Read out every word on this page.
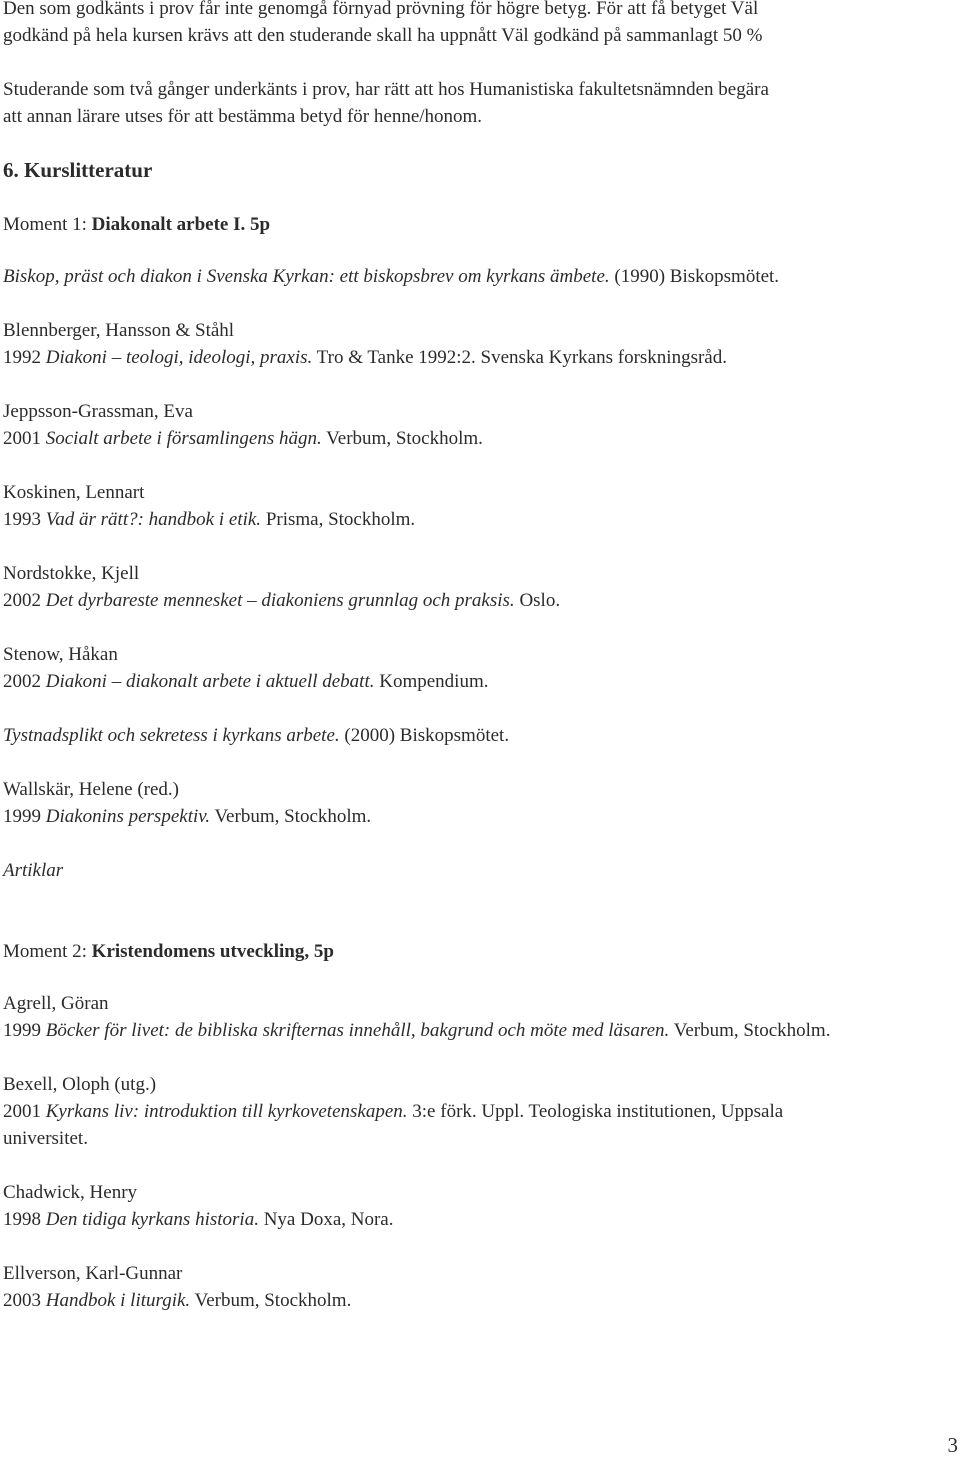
Den som godkänts i prov får inte genomgå förnyad prövning för högre betyg. För att få betyget Väl

godkänd på hela kursen krävs att den studerande skall ha uppnått Väl godkänd på sammanlagt 50 %

Studerande som två gånger underkänts i prov, har rätt att hos Humanistiska fakultetsnämnden begära

att annan lärare utses för att bestämma betyd för henne/honom.

6. Kurslitteratur

Moment 1: Diakonalt arbete I. 5p

Biskop, präst och diakon i Svenska Kyrkan: ett biskopsbrev om kyrkans ämbete. (1990) Biskopsmötet.

Blennberger, Hansson & Ståhl

1992 Diakoni – teologi, ideologi, praxis. Tro & Tanke 1992:2. Svenska Kyrkans forskningsråd.

Jeppsson-Grassman, Eva

2001 Socialt arbete i församlingens hägn. Verbum, Stockholm.

Koskinen, Lennart

1993 Vad är rätt?: handbok i etik. Prisma, Stockholm.

Nordstokke, Kjell

2002 Det dyrbareste mennesket – diakoniens grunnlag och praksis. Oslo.

Stenow, Håkan

2002 Diakoni – diakonalt arbete i aktuell debatt. Kompendium.

Tystnadsplikt och sekretess i kyrkans arbete. (2000) Biskopsmötet.

Wallskär, Helene (red.)

1999 Diakonins perspektiv. Verbum, Stockholm.

Artiklar

Moment 2: Kristendomens utveckling, 5p

Agrell, Göran

1999 Böcker för livet: de bibliska skrifternas innehåll, bakgrund och möte med läsaren. Verbum, Stockholm.

Bexell, Oloph (utg.)

2001 Kyrkans liv: introduktion till kyrkovetenskapen. 3:e förk. Uppl. Teologiska institutionen, Uppsala

universitet.

Chadwick, Henry

1998 Den tidiga kyrkans historia. Nya Doxa, Nora.

Ellverson, Karl-Gunnar

2003 Handbok i liturgik. Verbum, Stockholm.

3
